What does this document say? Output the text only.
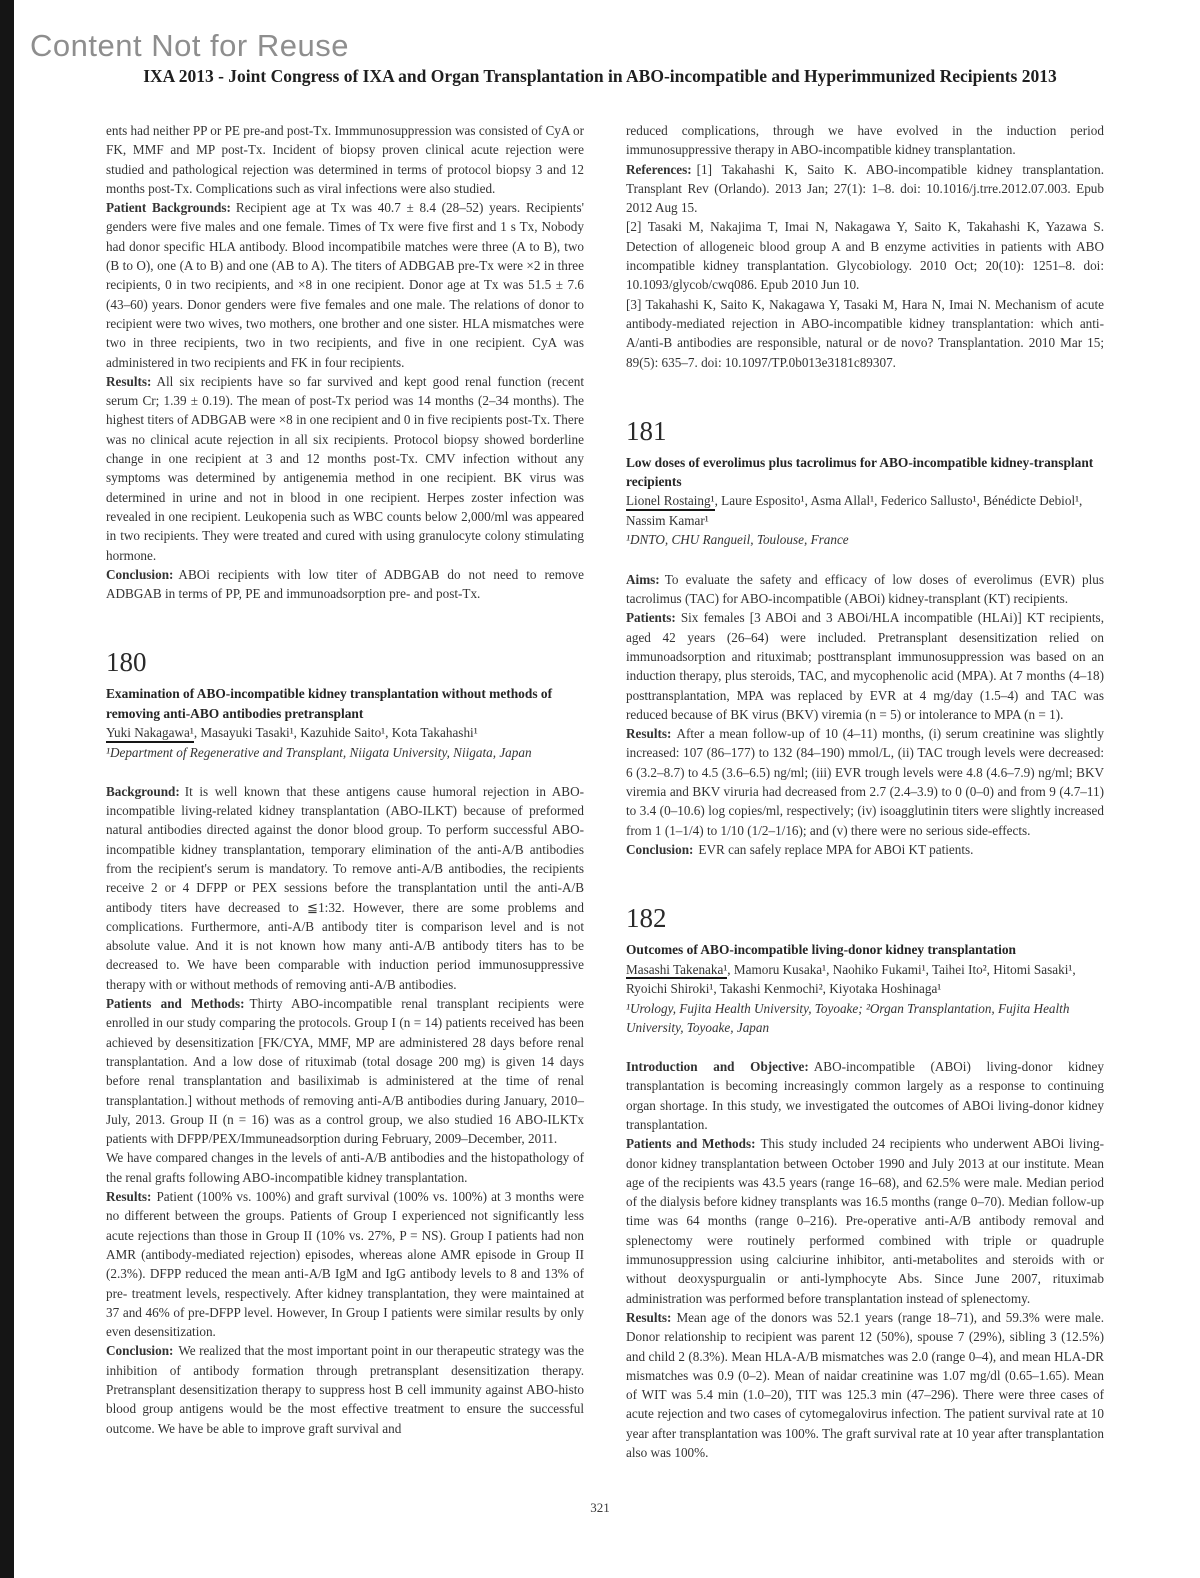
Content Not for Reuse
IXA 2013 - Joint Congress of IXA and Organ Transplantation in ABO-incompatible and Hyperimmunized Recipients 2013

ents had neither PP or PE pre-and post-Tx. Immmunosuppression was consisted of CyA or FK, MMF and MP post-Tx. Incident of biopsy proven clinical acute rejection were studied and pathological rejection was determined in terms of protocol biopsy 3 and 12 months post-Tx. Complications such as viral infections were also studied.

Patient Backgrounds: Recipient age at Tx was 40.7 ± 8.4 (28–52) years. Recipients' genders were five males and one female. Times of Tx were five first and 1 s Tx, Nobody had donor specific HLA antibody. Blood incompatibile matches were three (A to B), two (B to O), one (A to B) and one (AB to A). The titers of ADBGAB pre-Tx were ×2 in three recipients, 0 in two recipients, and ×8 in one recipient. Donor age at Tx was 51.5 ± 7.6 (43–60) years. Donor genders were five females and one male. The relations of donor to recipient were two wives, two mothers, one brother and one sister. HLA mismatches were two in three recipients, two in two recipients, and five in one recipient. CyA was administered in two recipients and FK in four recipients.

Results: All six recipients have so far survived and kept good renal function (recent serum Cr; 1.39 ± 0.19). The mean of post-Tx period was 14 months (2–34 months). The highest titers of ADBGAB were ×8 in one recipient and 0 in five recipients post-Tx. There was no clinical acute rejection in all six recipients. Protocol biopsy showed borderline change in one recipient at 3 and 12 months post-Tx. CMV infection without any symptoms was determined by antigenemia method in one recipient. BK virus was determined in urine and not in blood in one recipient. Herpes zoster infection was revealed in one recipient. Leukopenia such as WBC counts below 2,000/ml was appeared in two recipients. They were treated and cured with using granulocyte colony stimulating hormone.

Conclusion: ABOi recipients with low titer of ADBGAB do not need to remove ADBGAB in terms of PP, PE and immunoadsorption pre- and post-Tx.

180

Examination of ABO-incompatible kidney transplantation without methods of removing anti-ABO antibodies pretransplant

Yuki Nakagawa¹, Masayuki Tasaki¹, Kazuhide Saito¹, Kota Takahashi¹

¹Department of Regenerative and Transplant, Niigata University, Niigata, Japan

Background: It is well known that these antigens cause humoral rejection in ABO-incompatible living-related kidney transplantation (ABO-ILKT) because of preformed natural antibodies directed against the donor blood group. To perform successful ABO-incompatible kidney transplantation, temporary elimination of the anti-A/B antibodies from the recipient's serum is mandatory. To remove anti-A/B antibodies, the recipients receive 2 or 4 DFPP or PEX sessions before the transplantation until the anti-A/B antibody titers have decreased to ≦1:32. However, there are some problems and complications. Furthermore, anti-A/B antibody titer is comparison level and is not absolute value. And it is not known how many anti-A/B antibody titers has to be decreased to. We have been comparable with induction period immunosuppressive therapy with or without methods of removing anti-A/B antibodies.

Patients and Methods: Thirty ABO-incompatible renal transplant recipients were enrolled in our study comparing the protocols. Group I (n = 14) patients received has been achieved by desensitization [FK/CYA, MMF, MP are administered 28 days before renal transplantation. And a low dose of rituximab (total dosage 200 mg) is given 14 days before renal transplantation and basiliximab is administered at the time of renal transplantation.] without methods of removing anti-A/B antibodies during January, 2010–July, 2013. Group II (n = 16) was as a control group, we also studied 16 ABO-ILKTx patients with DFPP/PEX/Immuneadsorption during February, 2009–December, 2011.

We have compared changes in the levels of anti-A/B antibodies and the histopathology of the renal grafts following ABO-incompatible kidney transplantation.

Results: Patient (100% vs. 100%) and graft survival (100% vs. 100%) at 3 months were no different between the groups. Patients of Group I experienced not significantly less acute rejections than those in Group II (10% vs. 27%, P = NS). Group I patients had non AMR (antibody-mediated rejection) episodes, whereas alone AMR episode in Group II (2.3%). DFPP reduced the mean anti-A/B IgM and IgG antibody levels to 8 and 13% of pre- treatment levels, respectively. After kidney transplantation, they were maintained at 37 and 46% of pre-DFPP level. However, In Group I patients were similar results by only even desensitization.

Conclusion: We realized that the most important point in our therapeutic strategy was the inhibition of antibody formation through pretransplant desensitization therapy. Pretransplant desensitization therapy to suppress host B cell immunity against ABO-histo blood group antigens would be the most effective treatment to ensure the successful outcome. We have be able to improve graft survival and

reduced complications, through we have evolved in the induction period immunosuppressive therapy in ABO-incompatible kidney transplantation.

References: [1] Takahashi K, Saito K. ABO-incompatible kidney transplantation. Transplant Rev (Orlando). 2013 Jan; 27(1): 1–8. doi: 10.1016/j.trre.2012.07.003. Epub 2012 Aug 15.

[2] Tasaki M, Nakajima T, Imai N, Nakagawa Y, Saito K, Takahashi K, Yazawa S. Detection of allogeneic blood group A and B enzyme activities in patients with ABO incompatible kidney transplantation. Glycobiology. 2010 Oct; 20(10): 1251–8. doi: 10.1093/glycob/cwq086. Epub 2010 Jun 10.

[3] Takahashi K, Saito K, Nakagawa Y, Tasaki M, Hara N, Imai N. Mechanism of acute antibody-mediated rejection in ABO-incompatible kidney transplantation: which anti-A/anti-B antibodies are responsible, natural or de novo? Transplantation. 2010 Mar 15; 89(5): 635–7. doi: 10.1097/TP.0b013e3181c89307.

181

Low doses of everolimus plus tacrolimus for ABO-incompatible kidney-transplant recipients

Lionel Rostaing¹, Laure Esposito¹, Asma Allal¹, Federico Sallusto¹, Bénédicte Debiol¹, Nassim Kamar¹

¹DNTO, CHU Rangueil, Toulouse, France

Aims: To evaluate the safety and efficacy of low doses of everolimus (EVR) plus tacrolimus (TAC) for ABO-incompatible (ABOi) kidney-transplant (KT) recipients.

Patients: Six females [3 ABOi and 3 ABOi/HLA incompatible (HLAi)] KT recipients, aged 42 years (26–64) were included. Pretransplant desensitization relied on immunoadsorption and rituximab; posttransplant immunosuppression was based on an induction therapy, plus steroids, TAC, and mycophenolic acid (MPA). At 7 months (4–18) posttransplantation, MPA was replaced by EVR at 4 mg/day (1.5–4) and TAC was reduced because of BK virus (BKV) viremia (n = 5) or intolerance to MPA (n = 1).

Results: After a mean follow-up of 10 (4–11) months, (i) serum creatinine was slightly increased: 107 (86–177) to 132 (84–190) mmol/L, (ii) TAC trough levels were decreased: 6 (3.2–8.7) to 4.5 (3.6–6.5) ng/ml; (iii) EVR trough levels were 4.8 (4.6–7.9) ng/ml; BKV viremia and BKV viruria had decreased from 2.7 (2.4–3.9) to 0 (0–0) and from 9 (4.7–11) to 3.4 (0–10.6) log copies/ml, respectively; (iv) isoagglutinin titers were slightly increased from 1 (1–1/4) to 1/10 (1/2–1/16); and (v) there were no serious side-effects.

Conclusion: EVR can safely replace MPA for ABOi KT patients.

182

Outcomes of ABO-incompatible living-donor kidney transplantation

Masashi Takenaka¹, Mamoru Kusaka¹, Naohiko Fukami¹, Taihei Ito², Hitomi Sasaki¹, Ryoichi Shiroki¹, Takashi Kenmochi², Kiyotaka Hoshinaga¹

¹Urology, Fujita Health University, Toyoake; ²Organ Transplantation, Fujita Health University, Toyoake, Japan

Introduction and Objective: ABO-incompatible (ABOi) living-donor kidney transplantation is becoming increasingly common largely as a response to continuing organ shortage. In this study, we investigated the outcomes of ABOi living-donor kidney transplantation.

Patients and Methods: This study included 24 recipients who underwent ABOi living-donor kidney transplantation between October 1990 and July 2013 at our institute. Mean age of the recipients was 43.5 years (range 16–68), and 62.5% were male. Median period of the dialysis before kidney transplants was 16.5 months (range 0–70). Median follow-up time was 64 months (range 0–216). Pre-operative anti-A/B antibody removal and splenectomy were routinely performed combined with triple or quadruple immunosuppression using calciurine inhibitor, anti-metabolites and steroids with or without deoxyspurgualin or anti-lymphocyte Abs. Since June 2007, rituximab administration was performed before transplantation instead of splenectomy.

Results: Mean age of the donors was 52.1 years (range 18–71), and 59.3% were male. Donor relationship to recipient was parent 12 (50%), spouse 7 (29%), sibling 3 (12.5%) and child 2 (8.3%). Mean HLA-A/B mismatches was 2.0 (range 0–4), and mean HLA-DR mismatches was 0.9 (0–2). Mean of naidar creatinine was 1.07 mg/dl (0.65–1.65). Mean of WIT was 5.4 min (1.0–20), TIT was 125.3 min (47–296). There were three cases of acute rejection and two cases of cytomegalovirus infection. The patient survival rate at 10 year after transplantation was 100%. The graft survival rate at 10 year after transplantation also was 100%.

321
